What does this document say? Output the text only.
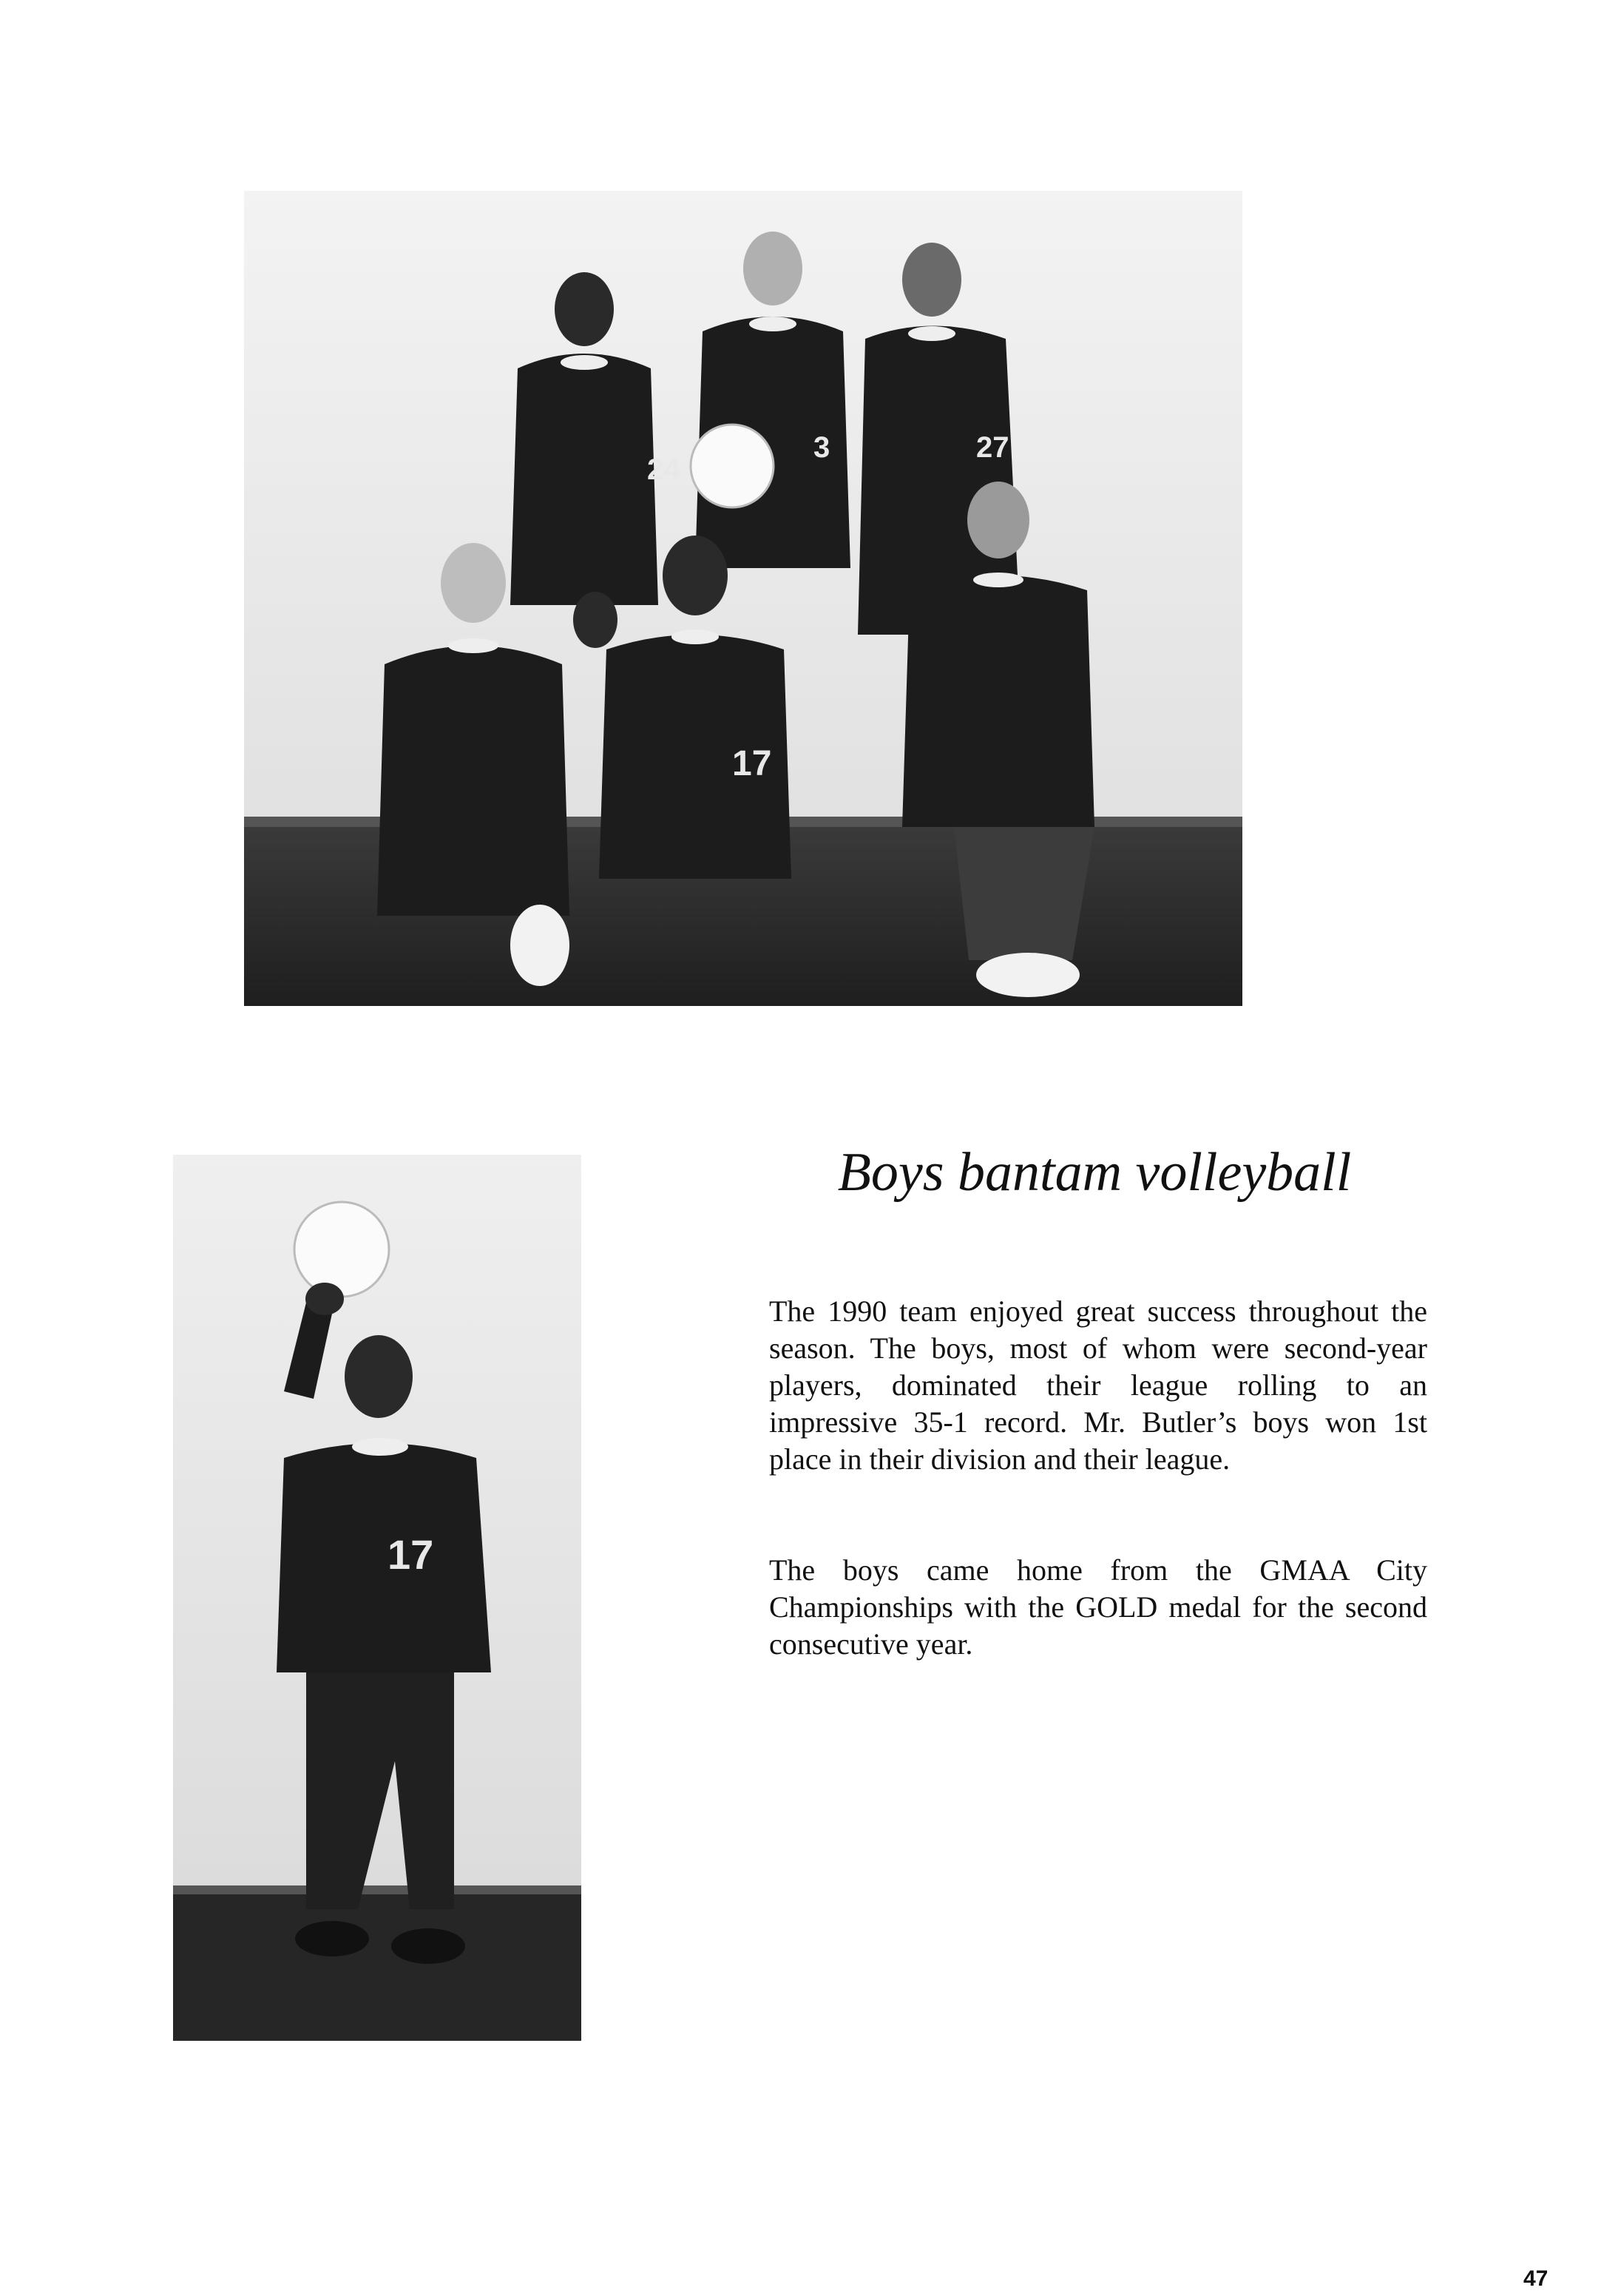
24
3	27
17
17
Boys bantam volleyball

The 1990 team enjoyed great success throughout the season. The boys, most of whom were second-year players, dominated their league rolling to an impressive 35-1 record. Mr. Butler’s boys won 1st place in their division and their league.

The boys came home from the GMAA City Championships with the GOLD medal for the second consecutive year.

47
